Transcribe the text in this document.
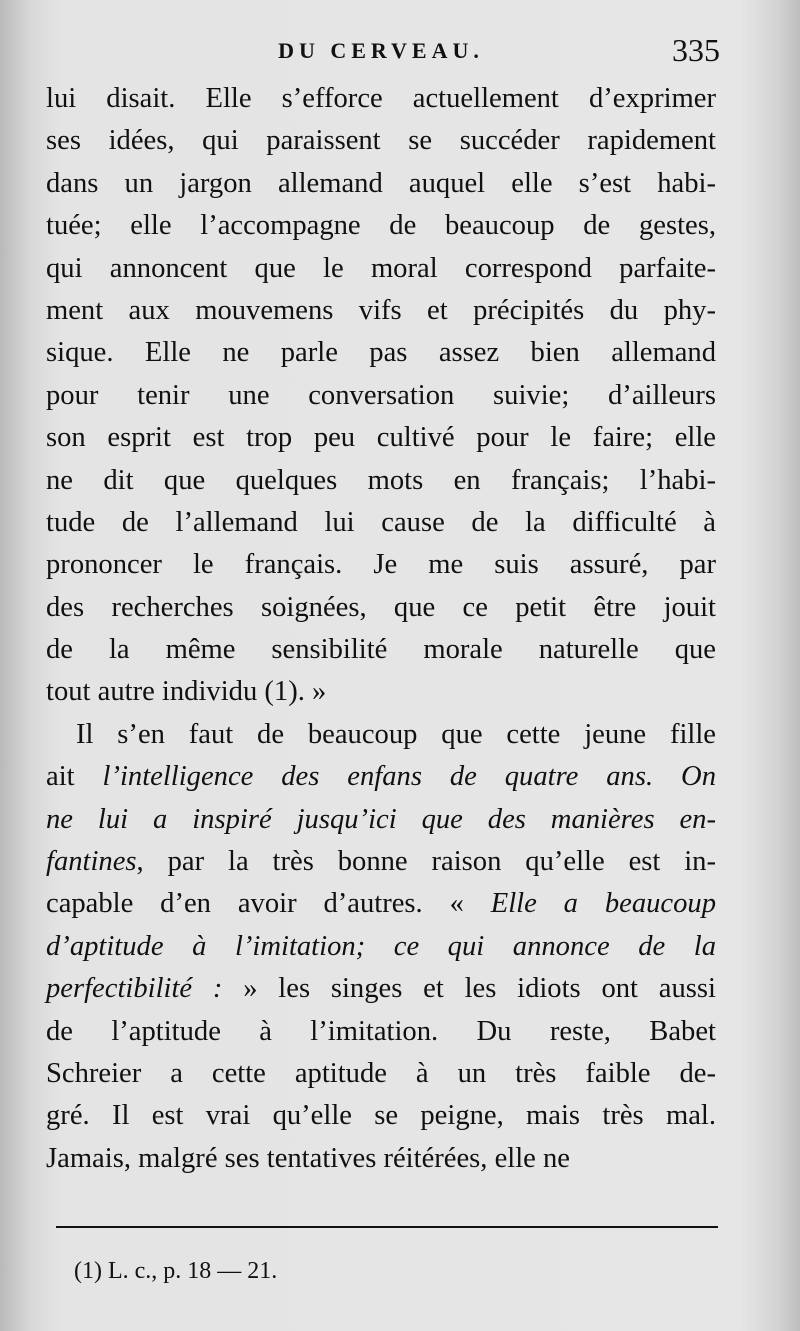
DU CERVEAU.	335
lui disait. Elle s’efforce actuellement d’exprimer
ses idées, qui paraissent se succéder rapidement
dans un jargon allemand auquel elle s’est habi-
tuée; elle l’accompagne de beaucoup de gestes,
qui annoncent que le moral correspond parfaite-
ment aux mouvemens vifs et précipités du phy-
sique. Elle ne parle pas assez bien allemand
pour tenir une conversation suivie; d’ailleurs
son esprit est trop peu cultivé pour le faire; elle
ne dit que quelques mots en français; l’habi-
tude de l’allemand lui cause de la difficulté à
prononcer le français. Je me suis assuré, par
des recherches soignées, que ce petit être jouit
de la même sensibilité morale naturelle que
tout autre individu (1). »
Il s’en faut de beaucoup que cette jeune fille
ait l’intelligence des enfans de quatre ans. On
ne lui a inspiré jusqu’ici que des manières en-
fantines, par la très bonne raison qu’elle est in-
capable d’en avoir d’autres. « Elle a beaucoup
d’aptitude à l’imitation; ce qui annonce de la
perfectibilité : » les singes et les idiots ont aussi
de l’aptitude à l’imitation. Du reste, Babet
Schreier a cette aptitude à un très faible de-
gré. Il est vrai qu’elle se peigne, mais très mal.
Jamais, malgré ses tentatives réitérées, elle ne
(1) L. c., p. 18 — 21.
